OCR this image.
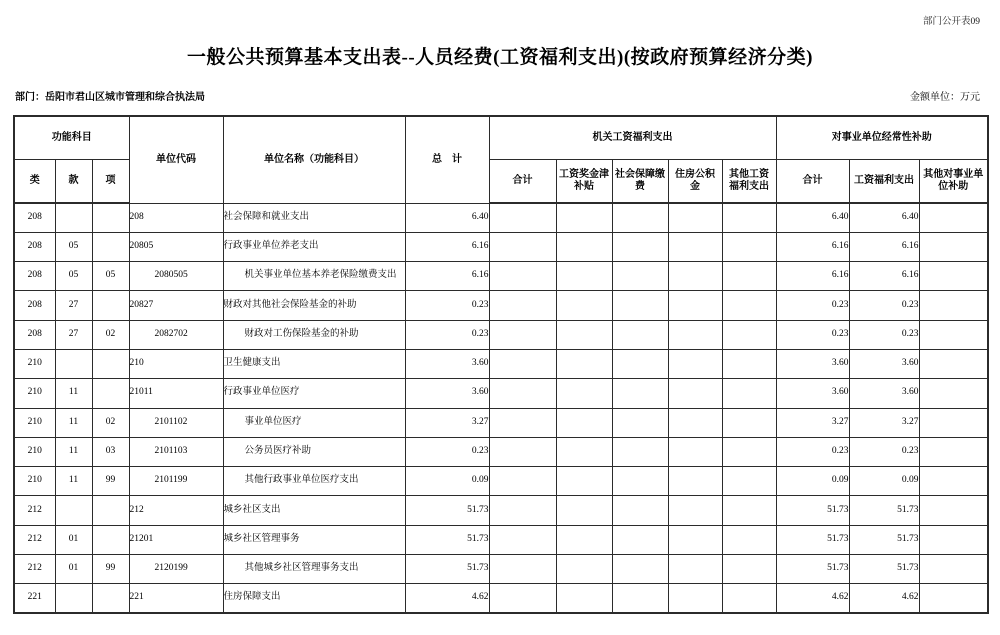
部门公开表09
一般公共预算基本支出表--人员经费(工资福利支出)(按政府预算经济分类)
部门：岳阳市君山区城市管理和综合执法局	金额单位：万元
功能科目			单位代码	单位名称（功能科目）	总　计	机关工资福利支出					对事业单位经常性补助		
类	款	项				合计	工资奖金津补贴	社会保障缴费	住房公积金	其他工资福利支出	合计	工资福利支出	其他对事业单位补助
208			208	社会保障和就业支出	6.40						6.40	6.40	
208	05		20805	行政事业单位养老支出	6.16						6.16	6.16	
208	05	05	2080505	机关事业单位基本养老保险缴费支出	6.16						6.16	6.16	
208	27		20827	财政对其他社会保险基金的补助	0.23						0.23	0.23	
208	27	02	2082702	财政对工伤保险基金的补助	0.23						0.23	0.23	
210			210	卫生健康支出	3.60						3.60	3.60	
210	11		21011	行政事业单位医疗	3.60						3.60	3.60	
210	11	02	2101102	事业单位医疗	3.27						3.27	3.27	
210	11	03	2101103	公务员医疗补助	0.23						0.23	0.23	
210	11	99	2101199	其他行政事业单位医疗支出	0.09						0.09	0.09	
212			212	城乡社区支出	51.73						51.73	51.73	
212	01		21201	城乡社区管理事务	51.73						51.73	51.73	
212	01	99	2120199	其他城乡社区管理事务支出	51.73						51.73	51.73	
221			221	住房保障支出	4.62						4.62	4.62	
